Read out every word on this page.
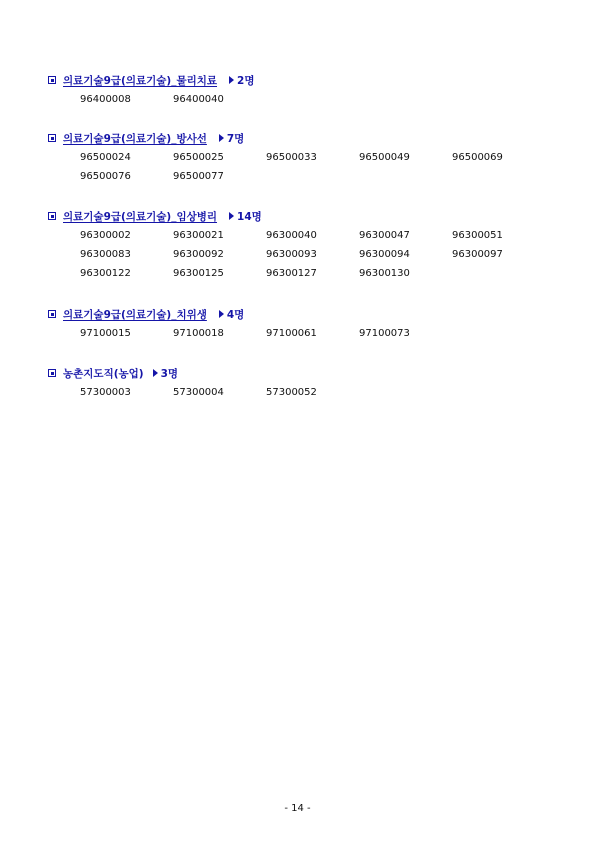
의료기술9급(의료기술)_물리치료 2명
96400008	96400040
의료기술9급(의료기술)_방사선 7명
96500024	96500025	96500033	96500049	96500069
96500076	96500077
의료기술9급(의료기술)_임상병리 14명
96300002	96300021	96300040	96300047	96300051
96300083	96300092	96300093	96300094	96300097
96300122	96300125	96300127	96300130
의료기술9급(의료기술)_치위생 4명
97100015	97100018	97100061	97100073
농촌지도직(농업) 3명
57300003	57300004	57300052
- 14 -
